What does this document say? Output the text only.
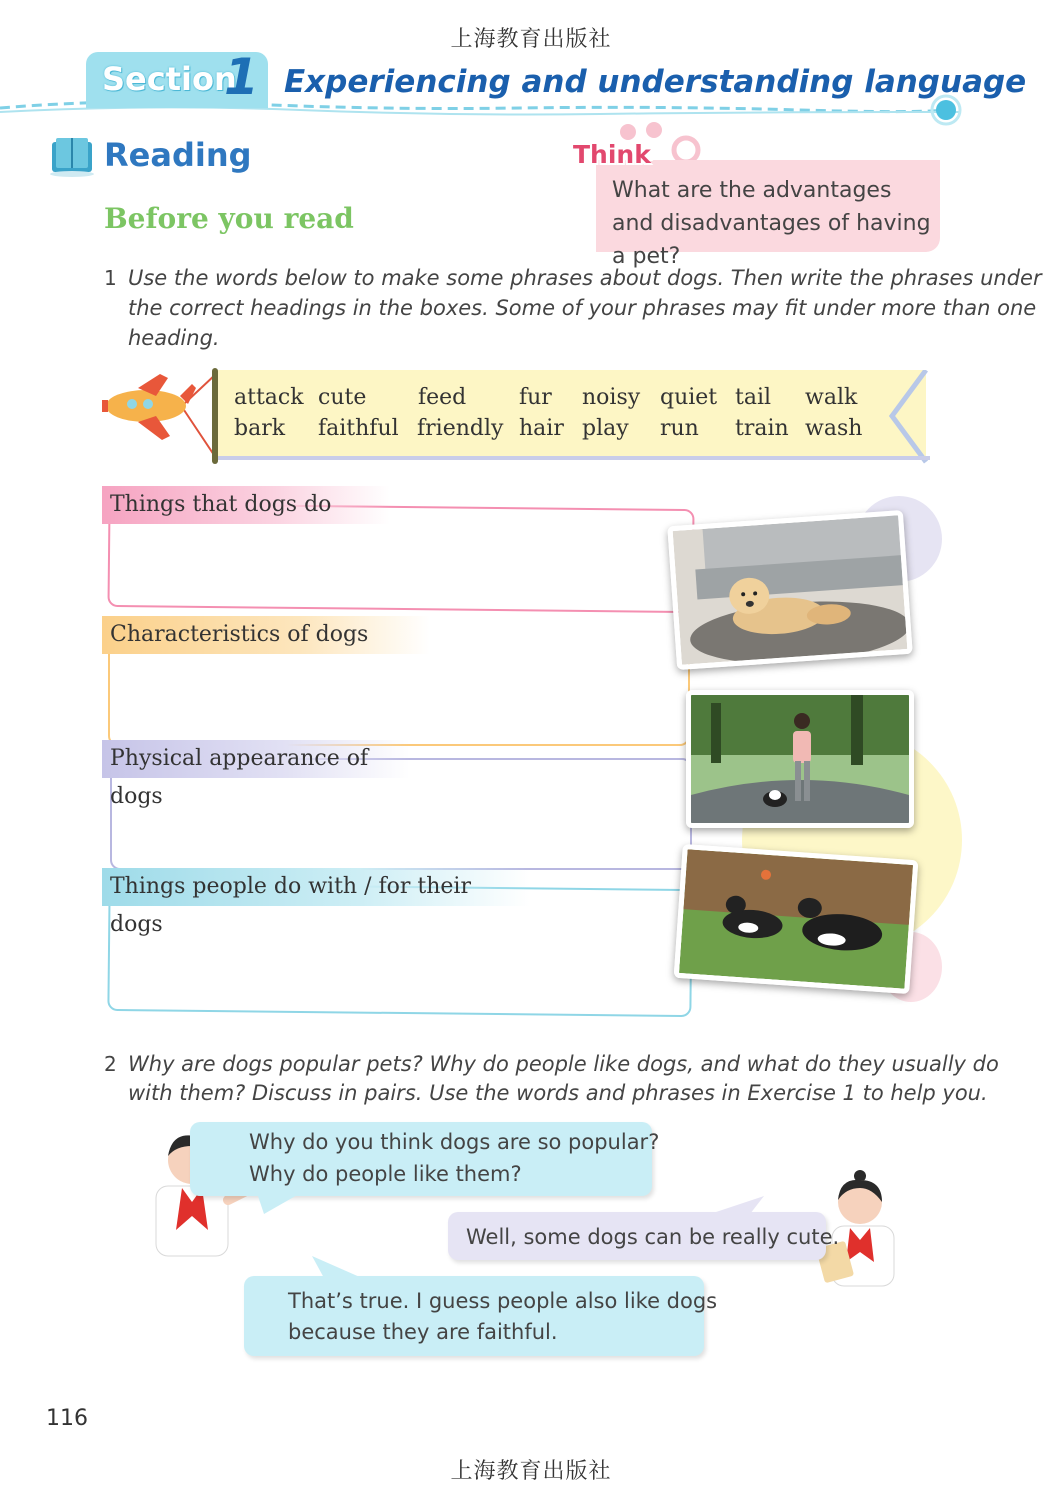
上海教育出版社
Section
1 Experiencing and understanding language
Reading
Before you read
Think
What are the advantages and disadvantages of having a pet?
1 Use the words below to make some phrases about dogs. Then write the phrases under
the correct headings in the boxes. Some of your phrases may fit under more than one
heading.
attack cute feed fur noisy quiet tail walk
bark faithful friendly hair play run train wash
Things that dogs do
Characteristics of dogs
Physical appearance of dogs
Things people do with / for their dogs
2 Why are dogs popular pets? Why do people like dogs, and what do they usually do
with them? Discuss in pairs. Use the words and phrases in Exercise 1 to help you.
Why do you think dogs are so popular?
Why do people like them?
Well, some dogs can be really cute.
That’s true. I guess people also like dogs
because they are faithful.
116
上海教育出版社
